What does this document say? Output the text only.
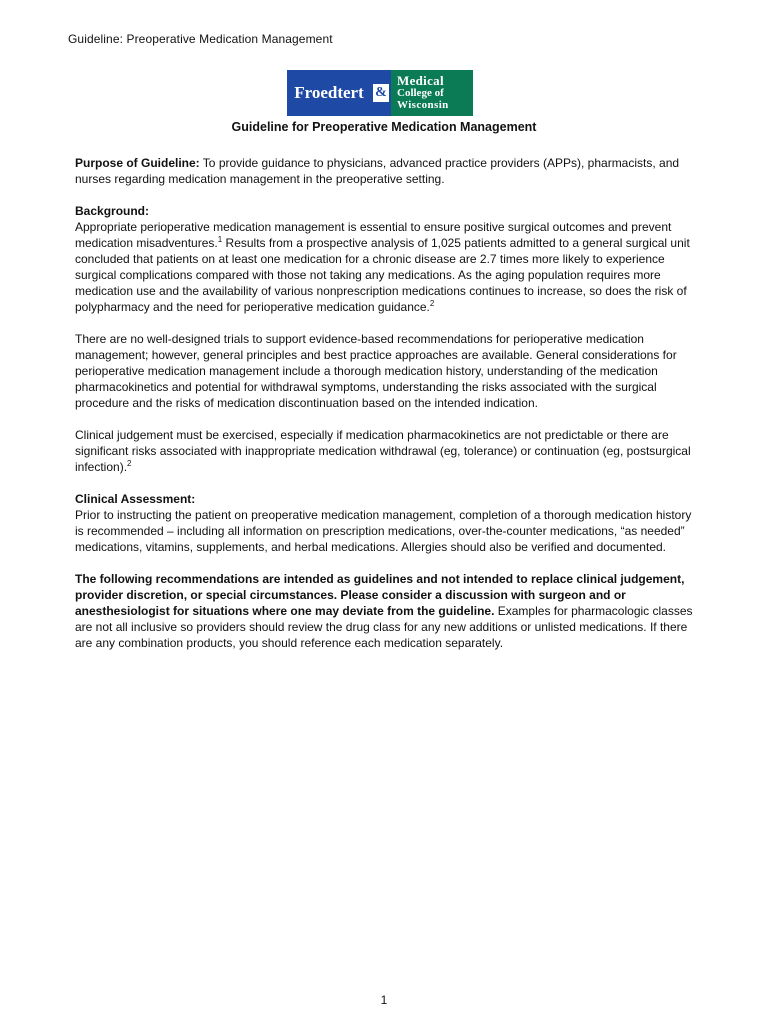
Guideline: Preoperative Medication Management
Froedtert &
Medical
College of
Wisconsin
Guideline for Preoperative Medication Management

Purpose of Guideline: To provide guidance to physicians, advanced practice providers (APPs), pharmacists, and nurses regarding medication management in the preoperative setting.

Background:

Appropriate perioperative medication management is essential to ensure positive surgical outcomes and prevent medication misadventures.$^1$ Results from a prospective analysis of 1,025 patients admitted to a general surgical unit concluded that patients on at least one medication for a chronic disease are 2.7 times more likely to experience surgical complications compared with those not taking any medications. As the aging population requires more medication use and the availability of various nonprescription medications continues to increase, so does the risk of polypharmacy and the need for perioperative medication guidance.$^2$

There are no well-designed trials to support evidence-based recommendations for perioperative medication management; however, general principles and best practice approaches are available. General considerations for perioperative medication management include a thorough medication history, understanding of the medication pharmacokinetics and potential for withdrawal symptoms, understanding the risks associated with the surgical procedure and the risks of medication discontinuation based on the intended indication.

Clinical judgement must be exercised, especially if medication pharmacokinetics are not predictable or there are significant risks associated with inappropriate medication withdrawal (eg, tolerance) or continuation (eg, postsurgical infection).$^2$

Clinical Assessment:

Prior to instructing the patient on preoperative medication management, completion of a thorough medication history is recommended – including all information on prescription medications, over-the-counter medications, “as needed” medications, vitamins, supplements, and herbal medications. Allergies should also be verified and documented.

The following recommendations are intended as guidelines and not intended to replace clinical judgement, provider discretion, or special circumstances. Please consider a discussion with surgeon and or anesthesiologist for situations where one may deviate from the guideline. Examples for pharmacologic classes are not all inclusive so providers should review the drug class for any new additions or unlisted medications. If there are any combination products, you should reference each medication separately.

1
